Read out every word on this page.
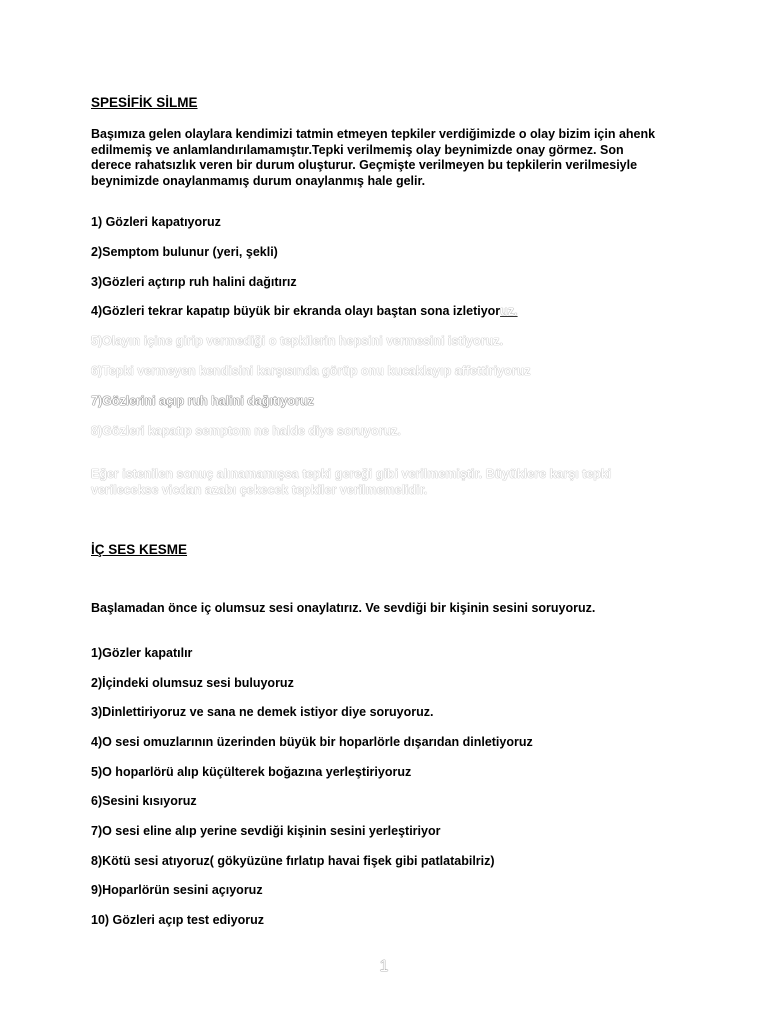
SPESİFİK SİLME

Başımıza gelen olaylara kendimizi tatmin etmeyen tepkiler verdiğimizde o olay bizim için ahenk edilmemiş ve anlamlandırılamamıştır.Tepki verilmemiş olay beynimizde onay görmez. Son derece rahatsızlık veren bir durum oluşturur. Geçmişte verilmeyen bu tepkilerin verilmesiyle beynimizde onaylanmamış durum onaylanmış hale gelir.

1) Gözleri kapatıyoruz

2)Semptom bulunur (yeri, şekli)

3)Gözleri açtırıp ruh halini dağıtırız

4)Gözleri tekrar kapatıp büyük bir ekranda olayı baştan sona izletiyoruz.

5)Olayın içine girip vermediği o tepkilerin hepsini vermesini istiyoruz.

6)Tepki vermeyen kendisini karşısında görüp onu kucaklayıp affettiriyoruz

7)Gözlerini açıp ruh halini dağıtıyoruz

8)Gözleri kapatıp semptom ne halde diye soruyoruz.

Eğer istenilen sonuç alınamamışsa tepki gereği gibi verilmemiştir. Büyüklere karşı tepki verilecekse vicdan azabı çekecek tepkiler verilmemelidir.

İÇ SES KESME

Başlamadan önce iç olumsuz sesi onaylatırız. Ve sevdiği bir kişinin sesini soruyoruz.

1)Gözler kapatılır

2)İçindeki olumsuz sesi buluyoruz

3)Dinlettiriyoruz ve sana ne demek istiyor diye soruyoruz.

4)O sesi omuzlarının üzerinden büyük bir hoparlörle dışarıdan dinletiyoruz

5)O hoparlörü alıp küçülterek boğazına yerleştiriyoruz

6)Sesini kısıyoruz

7)O sesi eline alıp yerine sevdiği kişinin sesini yerleştiriyor

8)Kötü sesi atıyoruz( gökyüzüne fırlatıp havai fişek gibi patlatabilriz)

9)Hoparlörün sesini açıyoruz

10) Gözleri açıp test ediyoruz

1
